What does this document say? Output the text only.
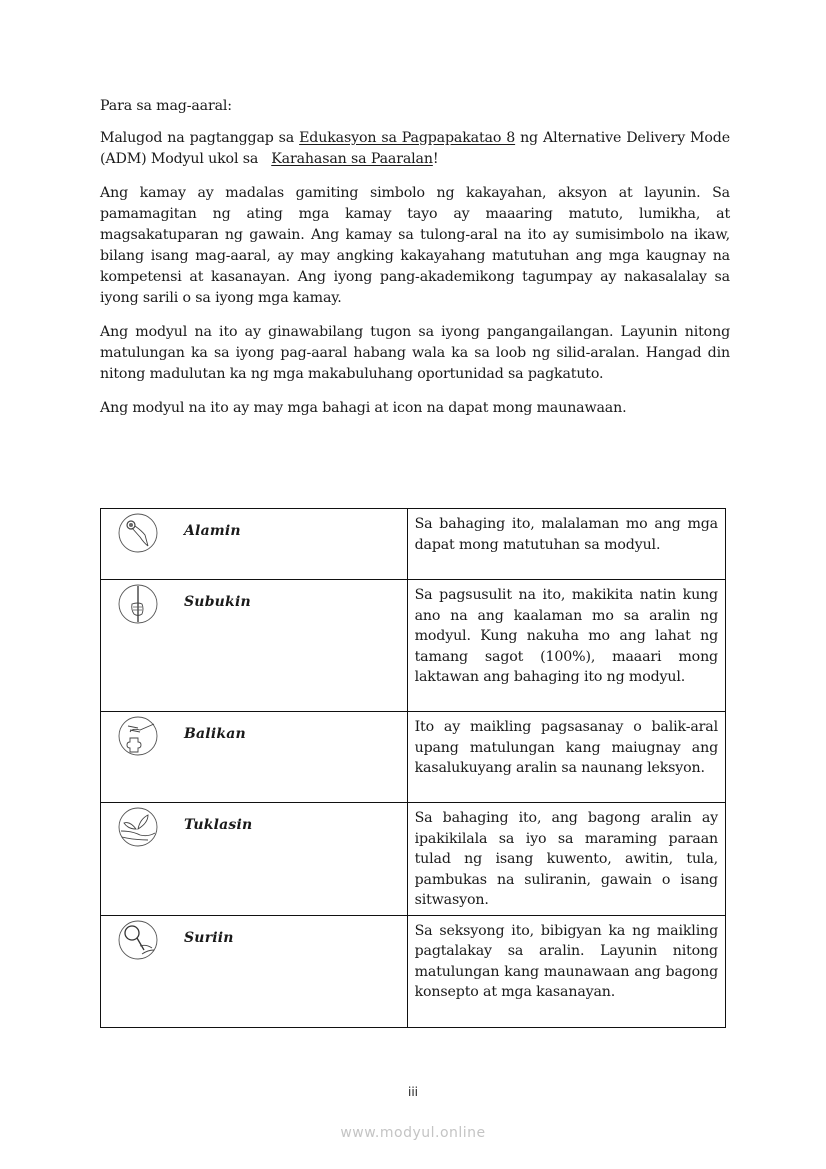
Para sa mag-aaral:

Malugod na pagtanggap sa Edukasyon sa Pagpapakatao 8 ng Alternative Delivery Mode (ADM) Modyul ukol sa   Karahasan sa Paaralan!

Ang kamay ay madalas gamiting simbolo ng kakayahan, aksyon at layunin. Sa pamamagitan ng ating mga kamay tayo ay maaaring matuto, lumikha, at magsakatuparan ng gawain. Ang kamay sa tulong-aral na ito ay sumisimbolo na ikaw, bilang isang mag-aaral, ay may angking kakayahang matutuhan ang mga kaugnay na kompetensi at kasanayan. Ang iyong pang-akademikong tagumpay ay nakasalalay sa iyong sarili o sa iyong mga kamay.

Ang modyul na ito ay ginawabilang tugon sa iyong pangangailangan. Layunin nitong matulungan ka sa iyong pag-aaral habang wala ka sa loob ng silid-aralan. Hangad din nitong madulutan ka ng mga makabuluhang oportunidad sa pagkatuto.

Ang modyul na ito ay may mga bahagi at icon na dapat mong maunawaan.

Alamin	Sa bahaging ito, malalaman mo ang mga dapat mong matutuhan sa modyul.

Subukin	Sa pagsusulit na ito, makikita natin kung ano na ang kaalaman mo sa aralin ng modyul. Kung nakuha mo ang lahat ng tamang sagot (100%), maaari mong laktawan ang bahaging ito ng modyul.

Balikan	Ito ay maikling pagsasanay o balik-aral upang matulungan kang maiugnay ang kasalukuyang aralin sa naunang leksyon.

Tuklasin	Sa bahaging ito, ang bagong aralin ay ipakikilala sa iyo sa maraming paraan tulad ng isang kuwento, awitin, tula, pambukas na suliranin, gawain o isang sitwasyon.

Suriin	Sa seksyong ito, bibigyan ka ng maikling pagtalakay sa aralin. Layunin nitong matulungan kang maunawaan ang bagong konsepto at mga kasanayan.
iii
www.modyul.online
